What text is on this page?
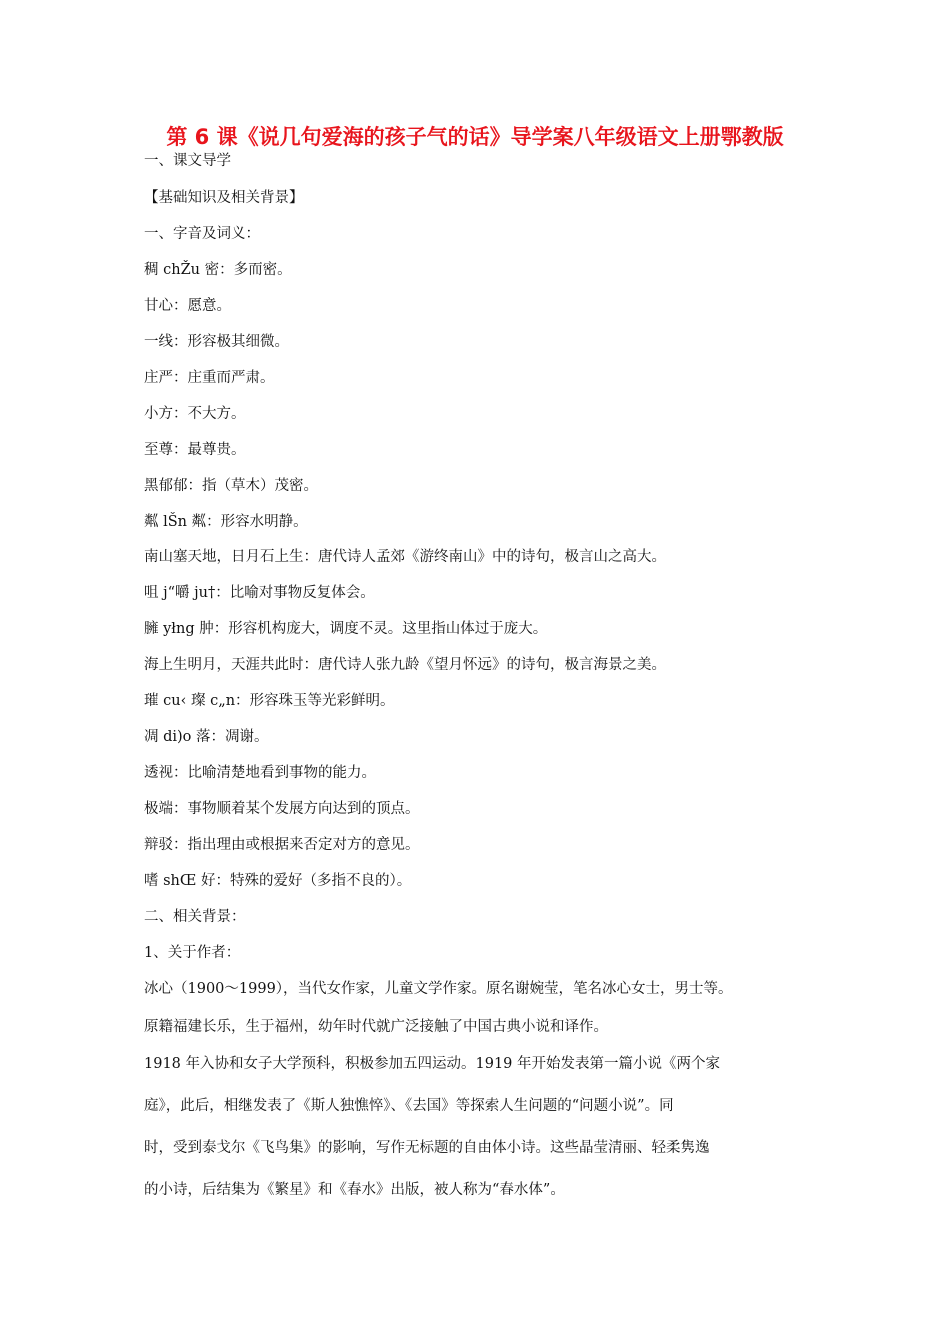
第 6 课《说几句爱海的孩子气的话》导学案八年级语文上册鄂教版
一、课文导学
【基础知识及相关背景】
一、字音及词义：
稠 chŽu 密：多而密。
甘心：愿意。
一线：形容极其细微。
庄严：庄重而严肃。
小方：不大方。
至尊：最尊贵。
黑郁郁：指（草木）茂密。
粼 lŠn 粼：形容水明静。
南山塞天地，日月石上生：唐代诗人孟郊《游终南山》中的诗句，极言山之高大。
咀 j“嚼 ju†：比喻对事物反复体会。
臃 yłng 肿：形容机构庞大，调度不灵。这里指山体过于庞大。
海上生明月，天涯共此时：唐代诗人张九龄《望月怀远》的诗句，极言海景之美。
璀 cu‹ 璨 c„n：形容珠玉等光彩鲜明。
凋 di)o 落：凋谢。
透视：比喻清楚地看到事物的能力。
极端：事物顺着某个发展方向达到的顶点。
辩驳：指出理由或根据来否定对方的意见。
嗜 shŒ 好：特殊的爱好（多指不良的）。
二、相关背景：
1、关于作者：
冰心（1900～1999），当代女作家，儿童文学作家。原名谢婉莹，笔名冰心女士，男士等。
原籍福建长乐，生于福州，幼年时代就广泛接触了中国古典小说和译作。
1918 年入协和女子大学预科，积极参加五四运动。1919 年开始发表第一篇小说《两个家
庭》，此后，相继发表了《斯人独憔悴》、《去国》等探索人生问题的“问题小说”。同
时，受到泰戈尔《飞鸟集》的影响，写作无标题的自由体小诗。这些晶莹清丽、轻柔隽逸
的小诗，后结集为《繁星》和《春水》出版，被人称为“春水体”。
